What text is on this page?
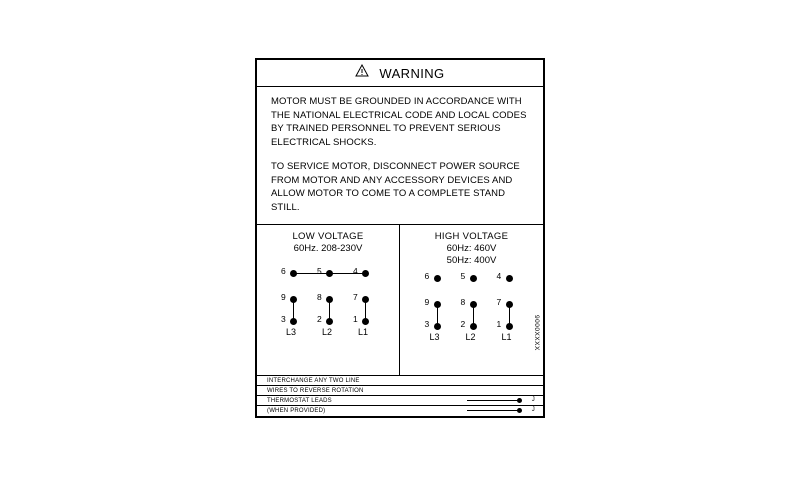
WARNING

MOTOR MUST BE GROUNDED IN ACCORDANCE WITH THE NATIONAL ELECTRICAL CODE AND LOCAL CODES BY TRAINED PERSONNEL TO PREVENT SERIOUS ELECTRICAL SHOCKS.

TO SERVICE MOTOR, DISCONNECT POWER SOURCE FROM MOTOR AND ANY ACCESSORY DEVICES AND ALLOW MOTOR TO COME TO A COMPLETE STAND STILL.

LOW VOLTAGE
60Hz. 208-230V
6	5	4
9	8	7
3	2	1
L3	L2	L1
HIGH VOLTAGE
60Hz: 460V
50Hz: 400V
6	5	4
9	8	7
3	2	1
L3	L2	L1	9000XXXX
INTERCHANGE ANY TWO LINE
WIRES TO REVERSE ROTATION
THERMOSTAT LEADS	J
(WHEN PROVIDED)	J
